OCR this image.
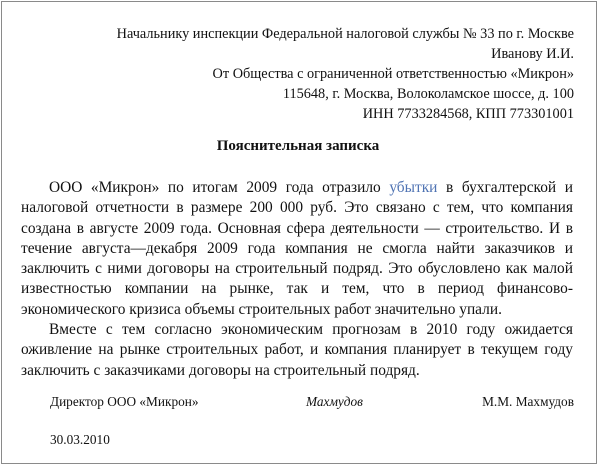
Начальнику инспекции Федеральной налоговой службы № 33 по г. Москве
Иванову И.И.
От Общества с ограниченной ответственностью «Микрон»
115648, г. Москва, Волоколамское шоссе, д. 100
ИНН 7733284568, КПП 773301001
Пояснительная записка

ООО «Микрон» по итогам 2009 года отразило убытки в бухгалтерской и налоговой отчетности в размере 200 000 руб. Это связано с тем, что компания создана в августе 2009 года. Основная сфера деятельности — строительство. И в течение августа—декабря 2009 года компания не смогла найти заказчиков и заключить с ними договоры на строительный подряд. Это обусловлено как малой известностью компании на рынке, так и тем, что в период финансово-экономического кризиса объемы строительных работ значительно упали.

Вместе с тем согласно экономическим прогнозам в 2010 году ожидается оживление на рынке строительных работ, и компания планирует в текущем году заключить с заказчиками договоры на строительный подряд.

Директор ООО «Микрон»	Махмудов	М.М. Махмудов
30.03.2010
